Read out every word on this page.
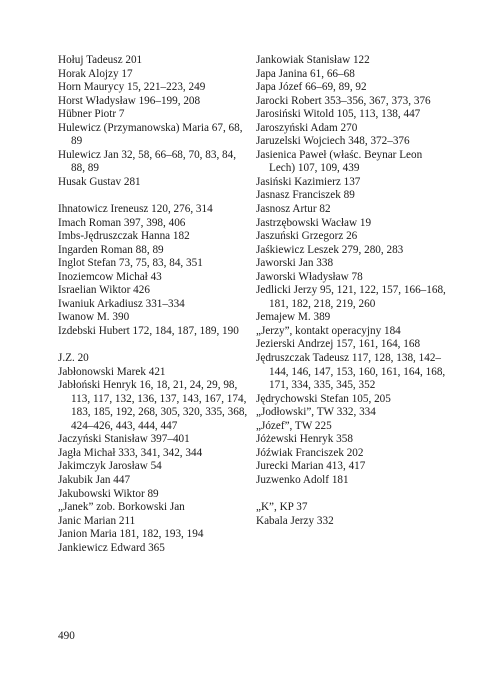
Hołuj Tadeusz 201

Horak Alojzy 17

Horn Maurycy 15, 221–223, 249

Horst Władysław 196–199, 208

Hübner Piotr 7

Hulewicz (Przymanowska) Maria 67, 68, 89

Hulewicz Jan 32, 58, 66–68, 70, 83, 84, 88, 89

Husak Gustav 281

Ihnatowicz Ireneusz 120, 276, 314

Imach Roman 397, 398, 406

Imbs-Jędruszczak Hanna 182

Ingarden Roman 88, 89

Inglot Stefan 73, 75, 83, 84, 351

Inoziemcow Michał 43

Israelian Wiktor 426

Iwaniuk Arkadiusz 331–334

Iwanow M. 390

Izdebski Hubert 172, 184, 187, 189, 190

J.Z. 20

Jabłonowski Marek 421

Jabłoński Henryk 16, 18, 21, 24, 29, 98, 113, 117, 132, 136, 137, 143, 167, 174, 183, 185, 192, 268, 305, 320, 335, 368, 424–426, 443, 444, 447

Jaczyński Stanisław 397–401

Jagła Michał 333, 341, 342, 344

Jakimczyk Jarosław 54

Jakubik Jan 447

Jakubowski Wiktor 89

„Janek” zob. Borkowski Jan

Janic Marian 211

Janion Maria 181, 182, 193, 194

Jankiewicz Edward 365

Jankowiak Stanisław 122

Japa Janina 61, 66–68

Japa Józef 66–69, 89, 92

Jarocki Robert 353–356, 367, 373, 376

Jarosiński Witold 105, 113, 138, 447

Jaroszyński Adam 270

Jaruzelski Wojciech 348, 372–376

Jasienica Paweł (właśc. Beynar Leon Lech) 107, 109, 439

Jasiński Kazimierz 137

Jasnasz Franciszek 89

Jasnosz Artur 82

Jastrzębowski Wacław 19

Jaszuński Grzegorz 26

Jaśkiewicz Leszek 279, 280, 283

Jaworski Jan 338

Jaworski Władysław 78

Jedlicki Jerzy 95, 121, 122, 157, 166–168, 181, 182, 218, 219, 260

Jemajew M. 389

„Jerzy”, kontakt operacyjny 184

Jezierski Andrzej 157, 161, 164, 168

Jędruszczak Tadeusz 117, 128, 138, 142–144, 146, 147, 153, 160, 161, 164, 168, 171, 334, 335, 345, 352

Jędrychowski Stefan 105, 205

„Jodłowski”, TW 332, 334

„Józef”, TW 225

Jóżewski Henryk 358

Jóźwiak Franciszek 202

Jurecki Marian 413, 417

Juzwenko Adolf 181

„K”, KP 37

Kabala Jerzy 332

490
